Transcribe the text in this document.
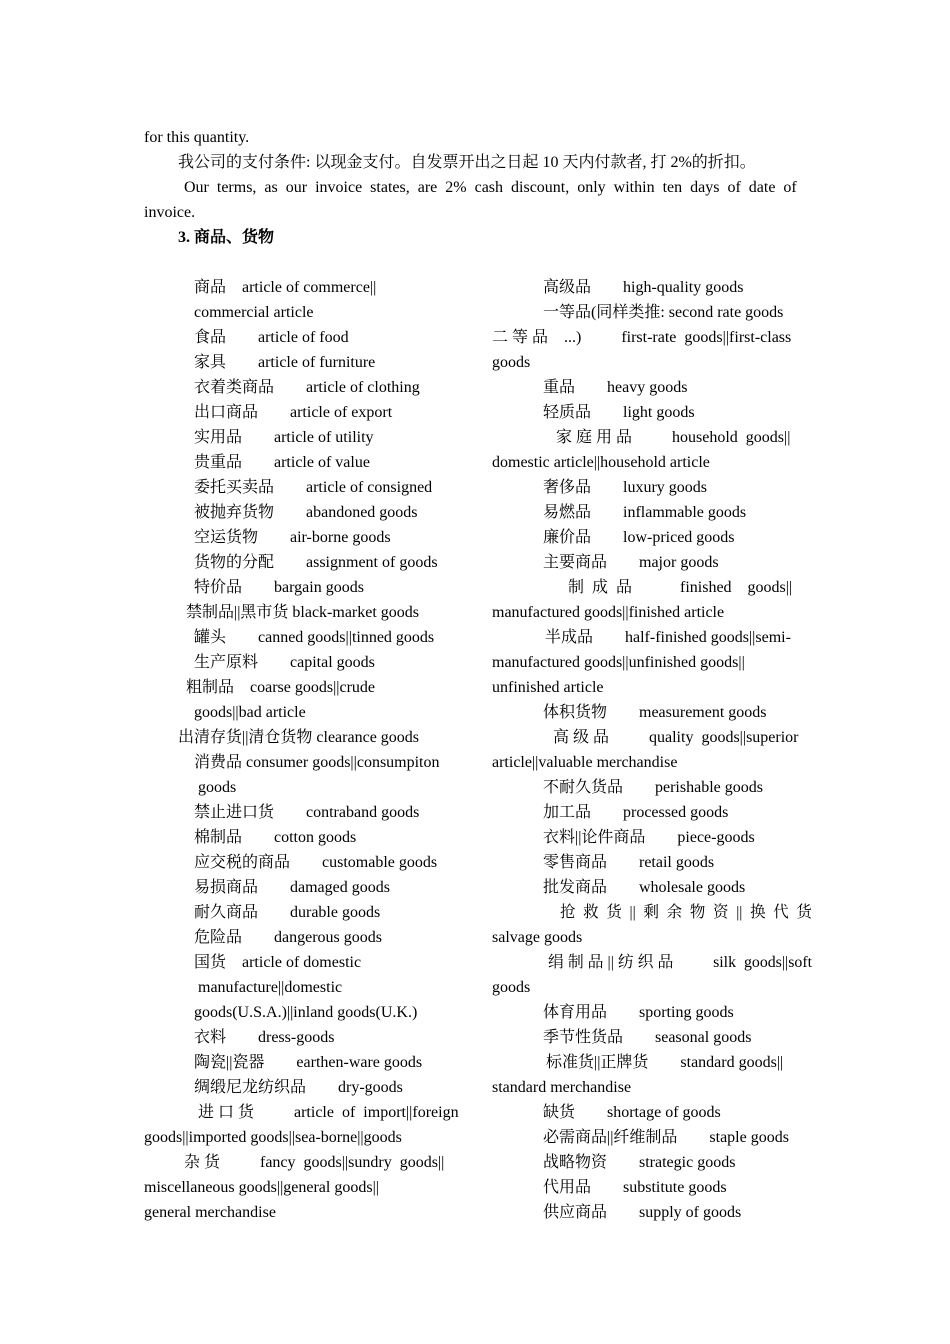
for this quantity.
我公司的支付条件: 以现金支付。自发票开出之日起 10 天内付款者, 打 2%的折扣。
Our  terms,  as  our  invoice  states,  are  2%  cash  discount,  only  within  ten  days  of  date  of
invoice.
3. 商品、货物
商品    article of commerce||
commercial article
食品        article of food
家具        article of furniture
衣着类商品        article of clothing
出口商品        article of export
实用品        article of utility
贵重品        article of value
委托买卖品        article of consigned
被抛弃货物        abandoned goods
空运货物        air-borne goods
货物的分配        assignment of goods
特价品        bargain goods
禁制品||黑市货 black-market goods
罐头        canned goods||tinned goods
生产原料        capital goods
粗制品    coarse goods||crude
goods||bad article
出清存货||清仓货物 clearance goods
消费品 consumer goods||consumpiton
goods
禁止进口货        contraband goods
棉制品        cotton goods
应交税的商品        customable goods
易损商品        damaged goods
耐久商品        durable goods
危险品        dangerous goods
国货    article of domestic
manufacture||domestic
goods(U.S.A.)||inland goods(U.K.)
衣料        dress-goods
陶瓷||瓷器        earthen-ware goods
绸缎尼龙纺织品        dry-goods
进 口 货          article  of  import||foreign
goods||imported goods||sea-borne||goods
杂 货          fancy  goods||sundry  goods||
miscellaneous goods||general goods||
general merchandise
高级品        high-quality goods
一等品(同样类推: second rate goods
二 等 品    ...)          first-rate  goods||first-class
goods
重品        heavy goods
轻质品        light goods
家 庭 用 品          household  goods||
domestic article||household article
奢侈品        luxury goods
易燃品        inflammable goods
廉价品        low-priced goods
主要商品        major goods
制  成  品            finished    goods||
manufactured goods||finished article
半成品        half-finished goods||semi-
manufactured goods||unfinished goods||
unfinished article
体积货物        measurement goods
高 级 品          quality  goods||superior
article||valuable merchandise
不耐久货品        perishable goods
加工品        processed goods
衣料||论件商品        piece-goods
零售商品        retail goods
批发商品        wholesale goods
抢  救  货  ||  剩  余  物  资  ||  换  代  货
salvage goods
绢 制 品 || 纺 织 品          silk  goods||soft
goods
体育用品        sporting goods
季节性货品        seasonal goods
标准货||正牌货        standard goods||
standard merchandise
缺货        shortage of goods
必需商品||纤维制品        staple goods
战略物资        strategic goods
代用品        substitute goods
供应商品        supply of goods
